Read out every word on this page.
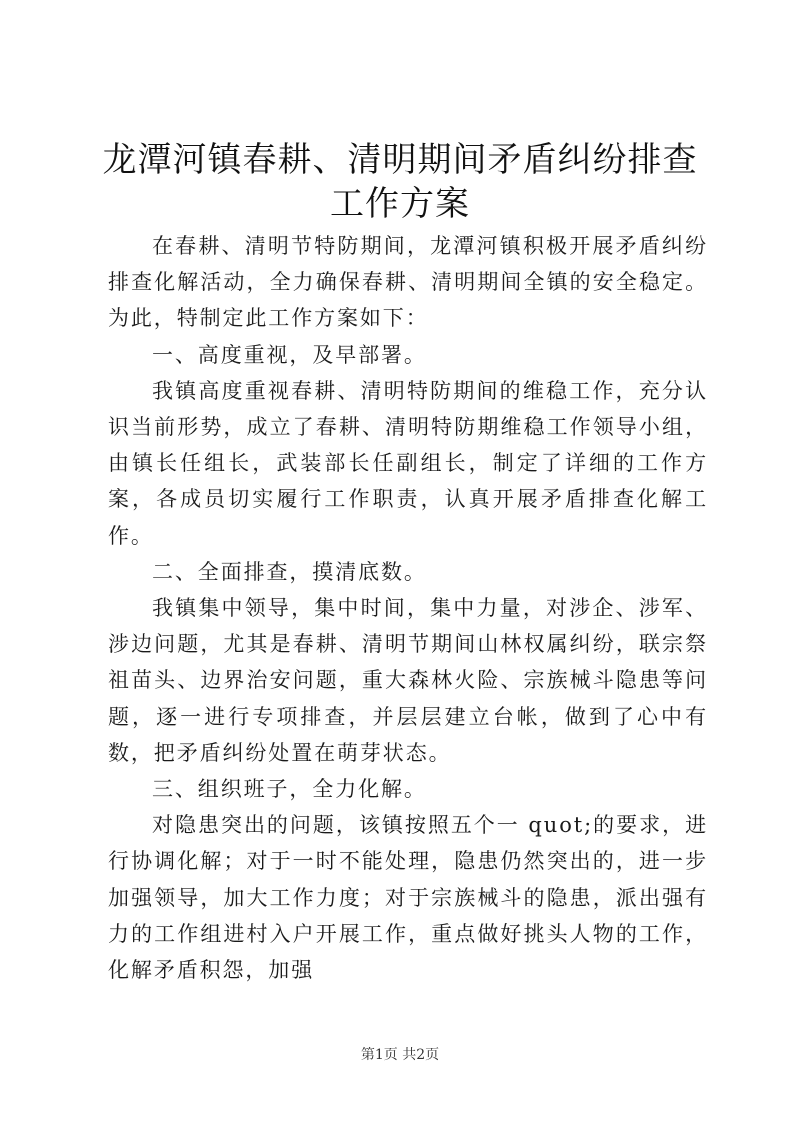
龙潭河镇春耕、清明期间矛盾纠纷排查工作方案

在春耕、清明节特防期间，龙潭河镇积极开展矛盾纠纷排查化解活动，全力确保春耕、清明期间全镇的安全稳定。为此，特制定此工作方案如下：

一、高度重视，及早部署。

我镇高度重视春耕、清明特防期间的维稳工作，充分认识当前形势，成立了春耕、清明特防期维稳工作领导小组，由镇长任组长，武装部长任副组长，制定了详细的工作方案，各成员切实履行工作职责，认真开展矛盾排查化解工作。

二、全面排查，摸清底数。

我镇集中领导，集中时间，集中力量，对涉企、涉军、涉边问题，尤其是春耕、清明节期间山林权属纠纷，联宗祭祖苗头、边界治安问题，重大森林火险、宗族械斗隐患等问题，逐一进行专项排查，并层层建立台帐，做到了心中有数，把矛盾纠纷处置在萌芽状态。

三、组织班子，全力化解。

对隐患突出的问题，该镇按照五个一 quot;的要求，进行协调化解；对于一时不能处理，隐患仍然突出的，进一步加强领导，加大工作力度；对于宗族械斗的隐患，派出强有力的工作组进村入户开展工作，重点做好挑头人物的工作，化解矛盾积怨，加强

第1页 共2页
